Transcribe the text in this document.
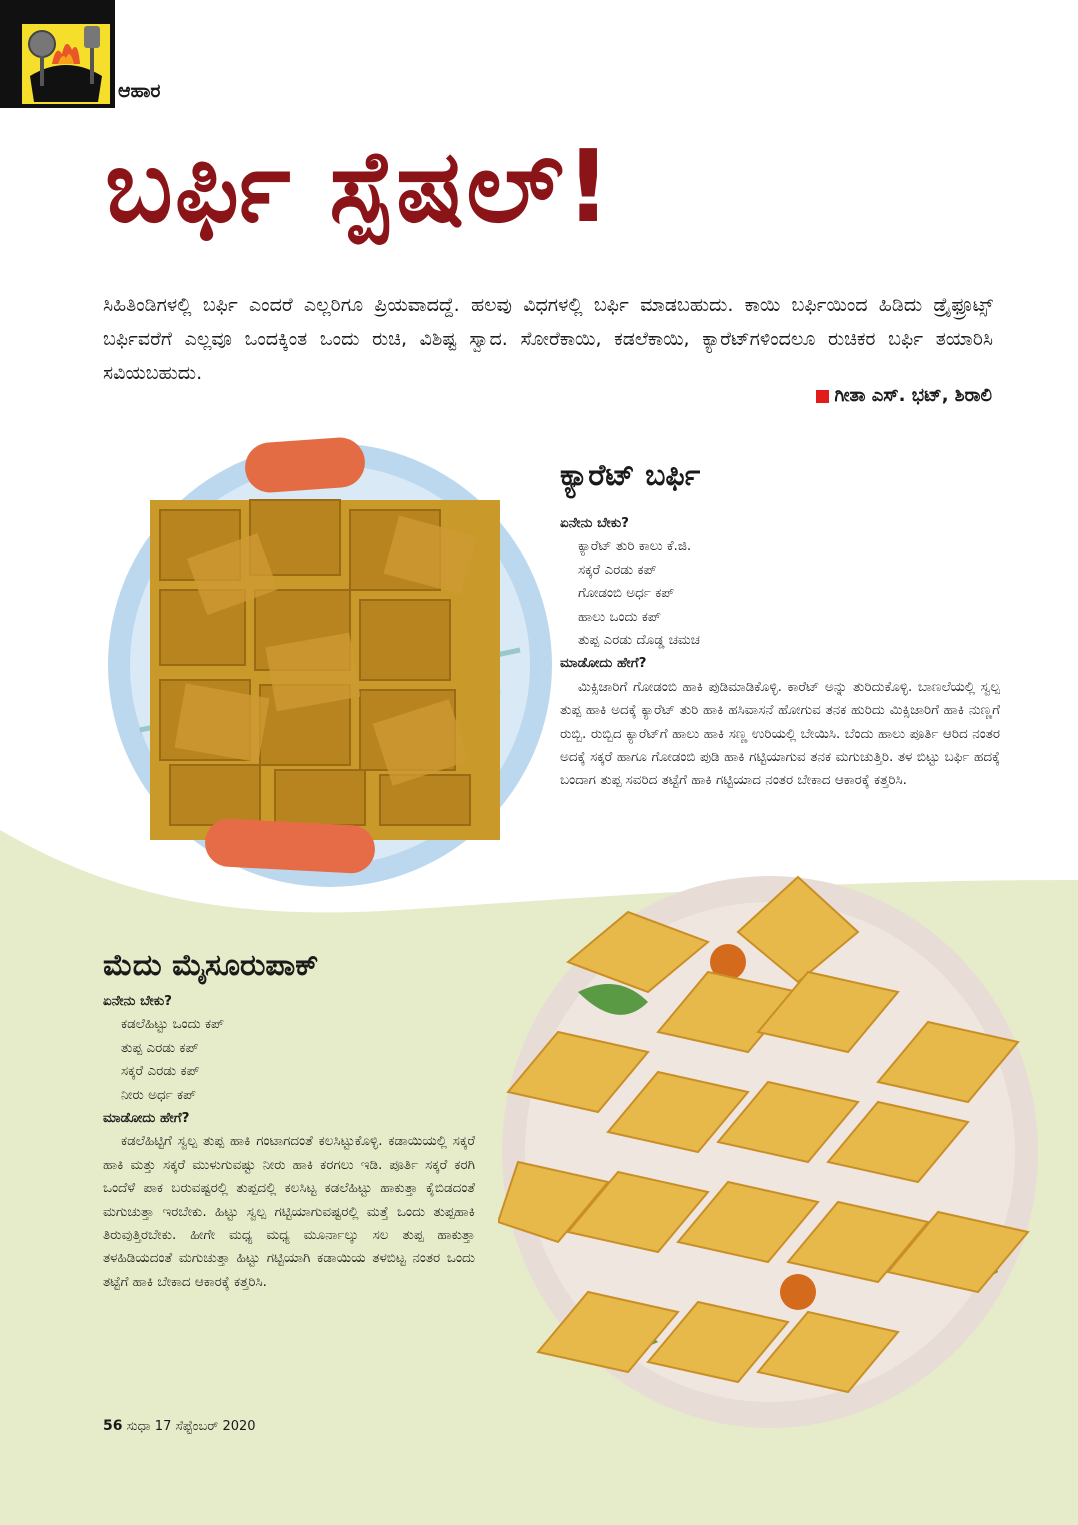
ಆಹಾರ
ಬರ್ಫಿ ಸ್ಪೆಷಲ್!
ಸಿಹಿತಿಂಡಿಗಳಲ್ಲಿ ಬರ್ಫಿ ಎಂದರೆ ಎಲ್ಲರಿಗೂ ಪ್ರಿಯವಾದದ್ದೆ. ಹಲವು ವಿಧಗಳಲ್ಲಿ ಬರ್ಫಿ ಮಾಡಬಹುದು. ಕಾಯಿ ಬರ್ಫಿಯಿಂದ ಹಿಡಿದು ಡ್ರೈಫ್ರೂಟ್ಸ್ ಬರ್ಫಿವರೆಗೆ ಎಲ್ಲವೂ ಒಂದಕ್ಕಿಂತ ಒಂದು ರುಚಿ, ವಿಶಿಷ್ಟ ಸ್ವಾದ. ಸೋರೆಕಾಯಿ, ಕಡಲೆಕಾಯಿ, ಕ್ಯಾರೆಟ್‌ಗಳಿಂದಲೂ ರುಚಿಕರ ಬರ್ಫಿ ತಯಾರಿಸಿ ಸವಿಯಬಹುದು.
ಗೀತಾ ಎಸ್. ಭಟ್, ಶಿರಾಲಿ
ಕ್ಯಾರೆಟ್ ಬರ್ಫಿ
ಏನೇನು ಬೇಕು?
ಕ್ಯಾರೆಟ್ ತುರಿ ಕಾಲು ಕೆ.ಜಿ.
ಸಕ್ಕರೆ ಎರಡು ಕಪ್
ಗೋಡಂಬಿ ಅರ್ಧ ಕಪ್
ಹಾಲು ಒಂದು ಕಪ್
ತುಪ್ಪ ಎರಡು ದೊಡ್ಡ ಚಮಚ
ಮಾಡೋದು ಹೇಗೆ?
ಮಿಕ್ಸಿಜಾರಿಗೆ ಗೋಡಂಬಿ ಹಾಕಿ ಪುಡಿಮಾಡಿಕೊಳ್ಳಿ. ಕಾರೆಟ್ ಅನ್ನು ತುರಿದುಕೊಳ್ಳಿ. ಬಾಣಲೆಯಲ್ಲಿ ಸ್ವಲ್ಪ ತುಪ್ಪ ಹಾಕಿ ಅದಕ್ಕೆ ಕ್ಯಾರೆಟ್ ತುರಿ ಹಾಕಿ ಹಸಿವಾಸನೆ ಹೋಗುವ ತನಕ ಹುರಿದು ಮಿಕ್ಸಿಜಾರಿಗೆ ಹಾಕಿ ನುಣ್ಣಗೆ ರುಬ್ಬಿ. ರುಬ್ಬಿದ ಕ್ಯಾರೆಟ್‌ಗೆ ಹಾಲು ಹಾಕಿ ಸಣ್ಣ ಉರಿಯಲ್ಲಿ ಬೇಯಿಸಿ. ಬೆಂದು ಹಾಲು ಪೂರ್ತಿ ಆರಿದ ನಂತರ ಅದಕ್ಕೆ ಸಕ್ಕರೆ ಹಾಗೂ ಗೋಡಂಬಿ ಪುಡಿ ಹಾಕಿ ಗಟ್ಟಿಯಾಗುವ ತನಕ ಮಗುಚುತ್ತಿರಿ. ತಳ ಬಿಟ್ಟು ಬರ್ಫಿ ಹದಕ್ಕೆ ಬಂದಾಗ ತುಪ್ಪ ಸವರಿದ ತಟ್ಟೆಗೆ ಹಾಕಿ ಗಟ್ಟಿಯಾದ ನಂತರ ಬೇಕಾದ ಆಕಾರಕ್ಕೆ ಕತ್ತರಿಸಿ.
ಮೆದು ಮೈಸೂರುಪಾಕ್
ಏನೇನು ಬೇಕು?
ಕಡಲೆಹಿಟ್ಟು ಒಂದು ಕಪ್
ತುಪ್ಪ ಎರಡು ಕಪ್
ಸಕ್ಕರೆ ಎರಡು ಕಪ್
ನೀರು ಅರ್ಧ ಕಪ್
ಮಾಡೋದು ಹೇಗೆ?
ಕಡಲೆಹಿಟ್ಟಿಗೆ ಸ್ವಲ್ಪ ತುಪ್ಪ ಹಾಕಿ ಗಂಟಾಗದಂತೆ ಕಲಸಿಟ್ಟುಕೊಳ್ಳಿ. ಕಡಾಯಿಯಲ್ಲಿ ಸಕ್ಕರೆ ಹಾಕಿ ಮತ್ತು ಸಕ್ಕರೆ ಮುಳುಗುವಷ್ಟು ನೀರು ಹಾಕಿ ಕರಗಲು ಇಡಿ. ಪೂರ್ತಿ ಸಕ್ಕರೆ ಕರಗಿ ಒಂದೆಳೆ ಪಾಕ ಬರುವಷ್ಟರಲ್ಲಿ ತುಪ್ಪದಲ್ಲಿ ಕಲಸಿಟ್ಟ ಕಡಲೆಹಿಟ್ಟು ಹಾಕುತ್ತಾ ಕೈಬಿಡದಂತೆ ಮಗುಚುತ್ತಾ ಇರಬೇಕು. ಹಿಟ್ಟು ಸ್ವಲ್ಪ ಗಟ್ಟಿಯಾಗುವಷ್ಟರಲ್ಲಿ ಮತ್ತೆ ಒಂದು ತುಪ್ಪಹಾಕಿ ತಿರುವುತ್ತಿರಬೇಕು. ಹೀಗೇ ಮಧ್ಯ ಮಧ್ಯ ಮೂರ್ನಾಲ್ಕು ಸಲ ತುಪ್ಪ ಹಾಕುತ್ತಾ ತಳಹಿಡಿಯದಂತೆ ಮಗುಚುತ್ತಾ ಹಿಟ್ಟು ಗಟ್ಟಿಯಾಗಿ ಕಡಾಯಿಯ ತಳಬಿಟ್ಟ ನಂತರ ಒಂದು ತಟ್ಟೆಗೆ ಹಾಕಿ ಬೇಕಾದ ಆಕಾರಕ್ಕೆ ಕತ್ತರಿಸಿ.
56 ಸುಧಾ 17 ಸೆಪ್ಟೆಂಬರ್ 2020
